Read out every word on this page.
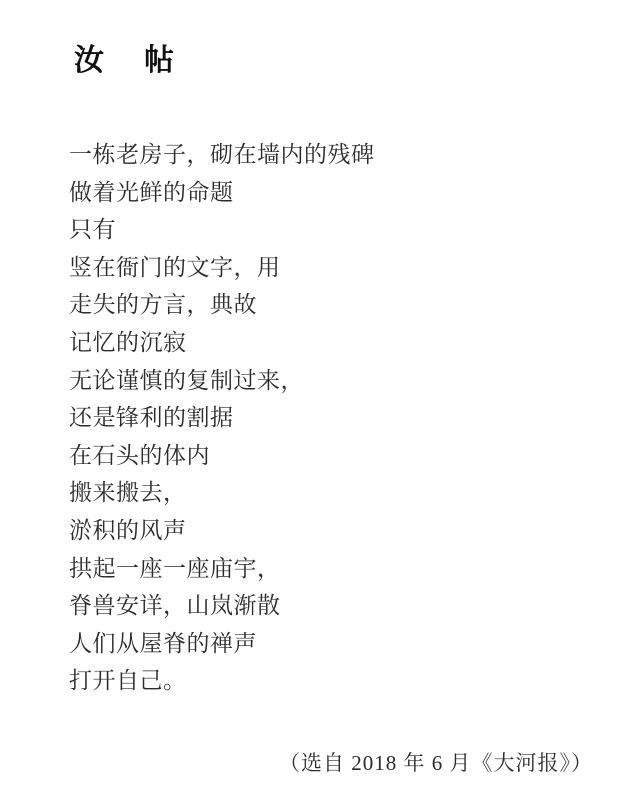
汝　帖

一栋老房子，砌在墙内的残碑

做着光鲜的命题

只有

竖在衙门的文字，用

走失的方言，典故

记忆的沉寂

无论谨慎的复制过来，

还是锋利的割据

在石头的体内

搬来搬去，

淤积的风声

拱起一座一座庙宇，

脊兽安详，山岚渐散

人们从屋脊的禅声

打开自己。

（选自 2018 年 6 月《大河报》）
